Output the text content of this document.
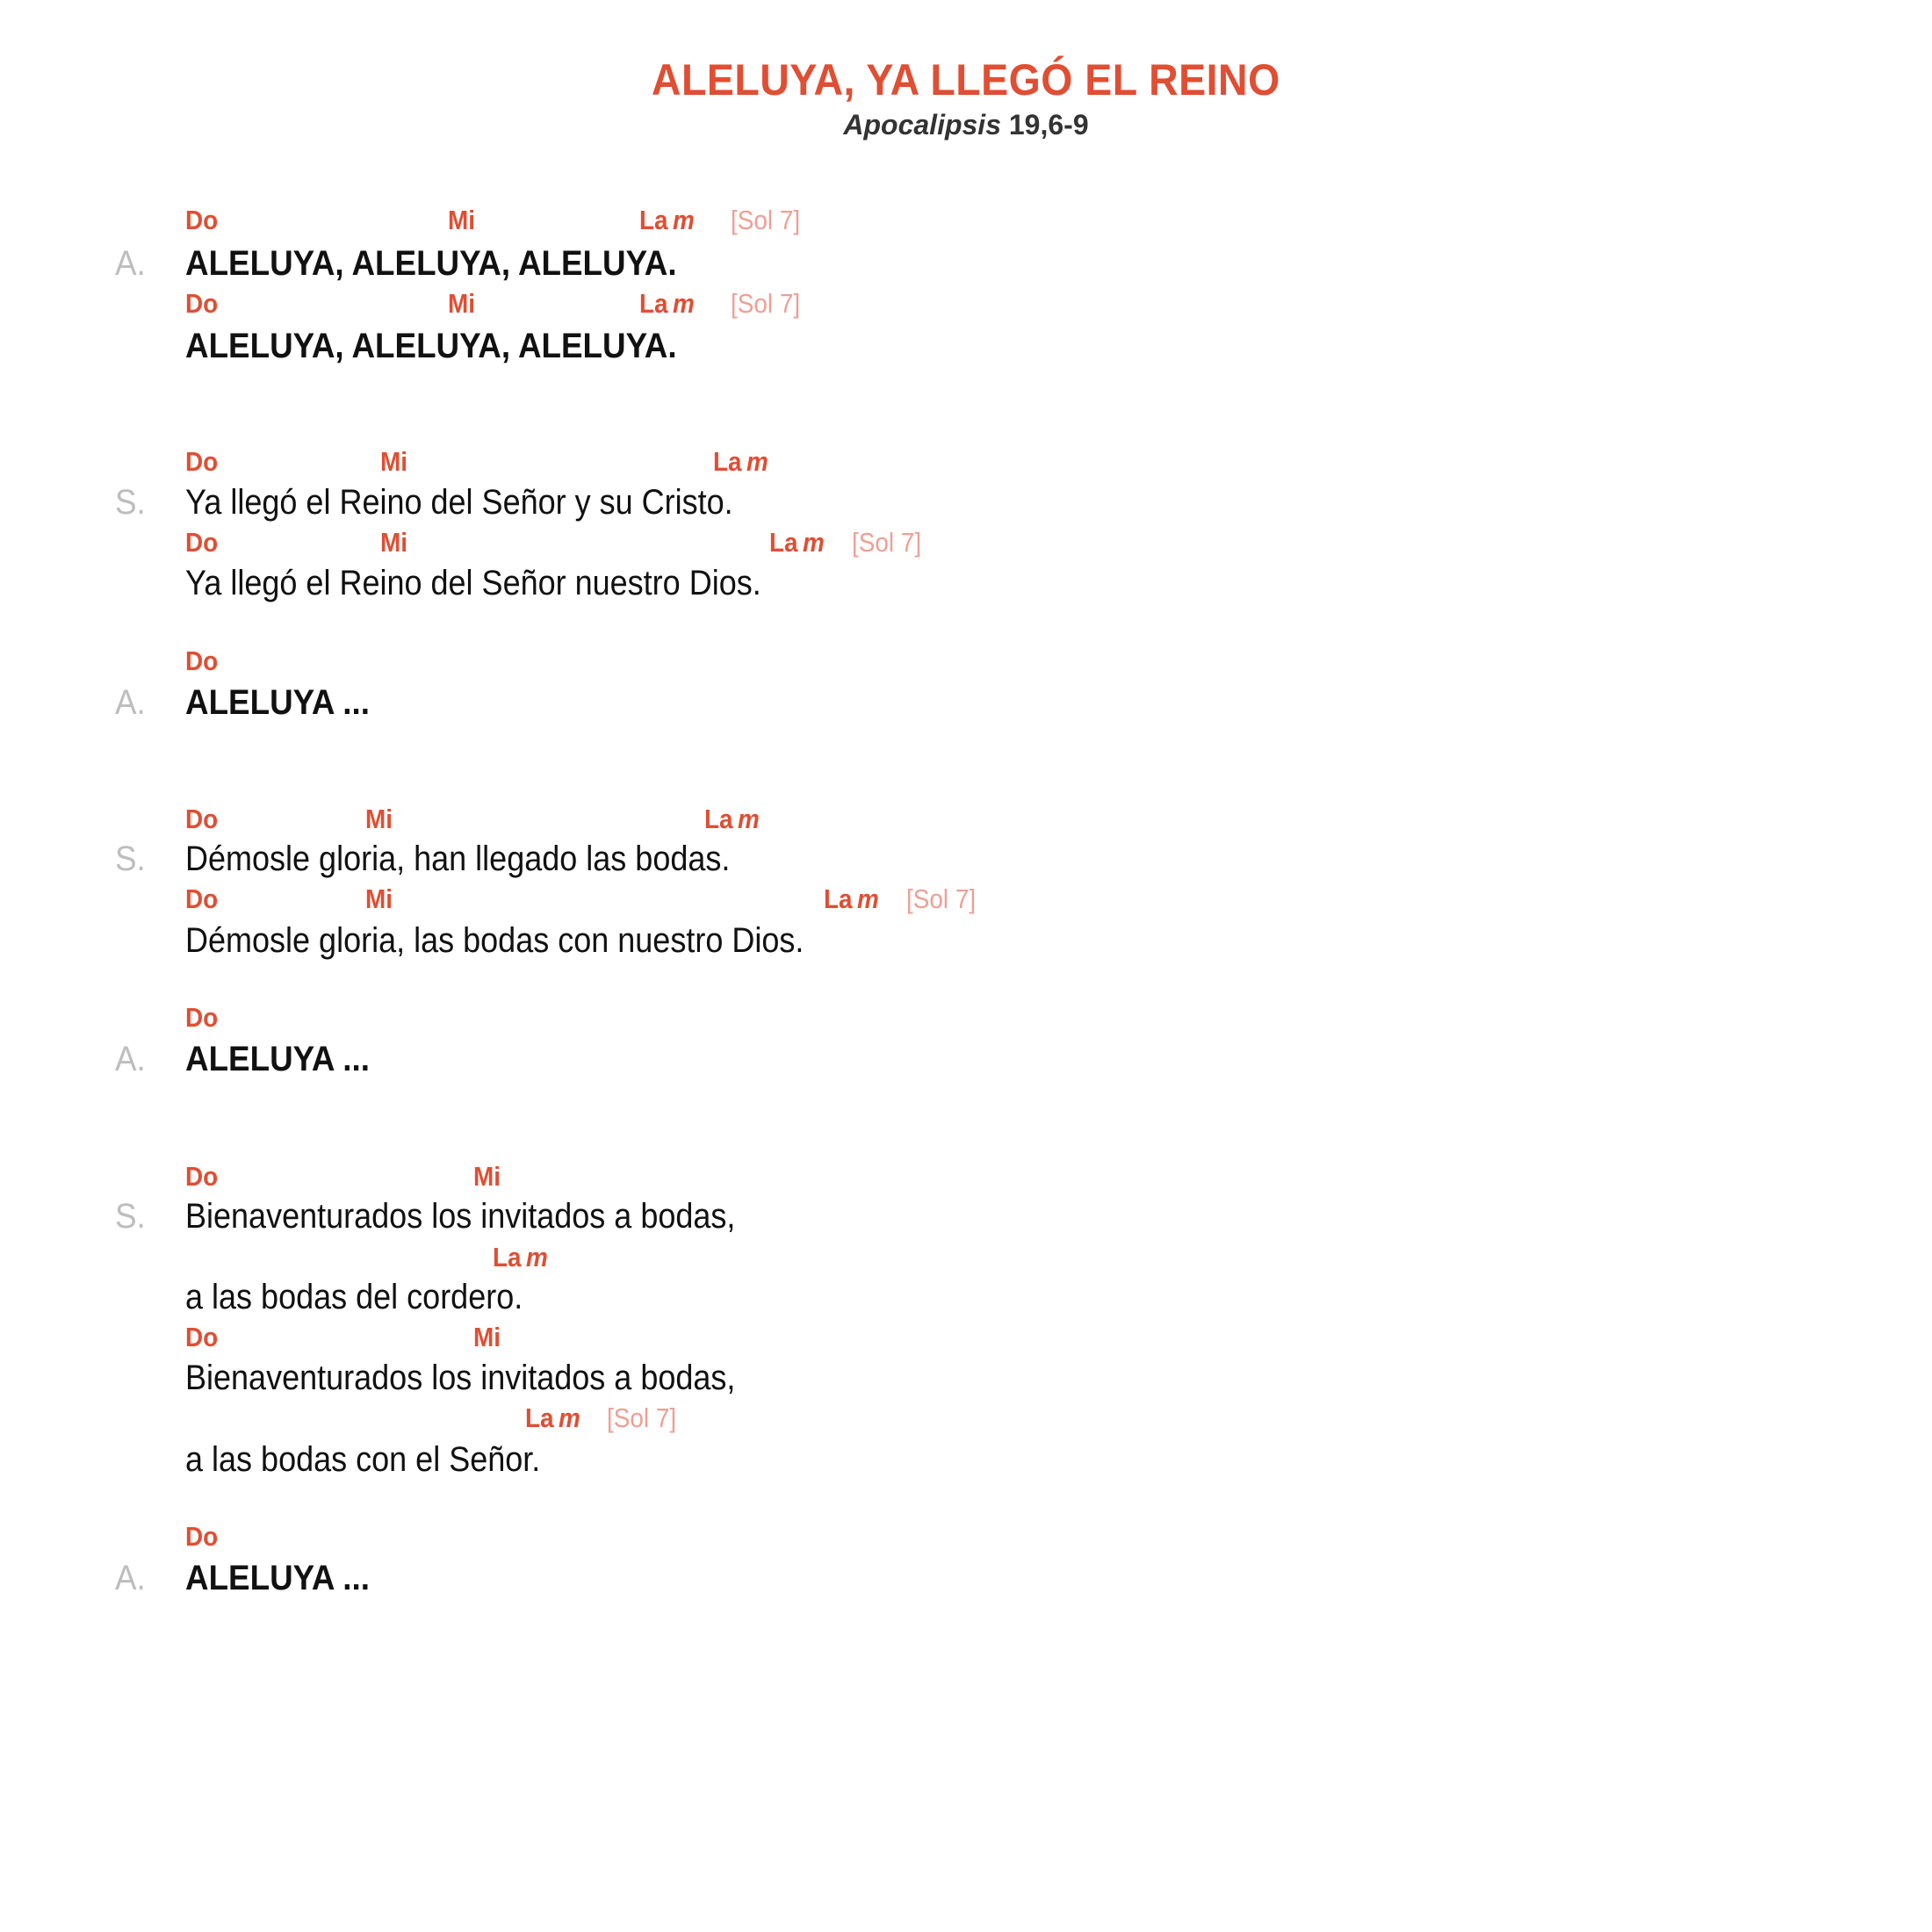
ALELUYA, YA LLEGÓ EL REINO
Apocalipsis 19,6-9
Do	Mi	La m [Sol 7]
A. ALELUYA, ALELUYA, ALELUYA.
Do	Mi	La m [Sol 7]
ALELUYA, ALELUYA, ALELUYA.
Do	Mi	La m
S. Ya llegó el Reino del Señor y su Cristo.
Do	Mi	La m [Sol 7]
Ya llegó el Reino del Señor nuestro Dios.
Do
A. ALELUYA ...
Do	Mi	La m
S. Démosle gloria, han llegado las bodas.
Do	Mi	La m [Sol 7]
Démosle gloria, las bodas con nuestro Dios.
Do
A. ALELUYA ...
Do	Mi
S. Bienaventurados los invitados a bodas,
La m
a las bodas del cordero.
Do	Mi
Bienaventurados los invitados a bodas,
La m [Sol 7]
a las bodas con el Señor.
Do
A. ALELUYA ...
